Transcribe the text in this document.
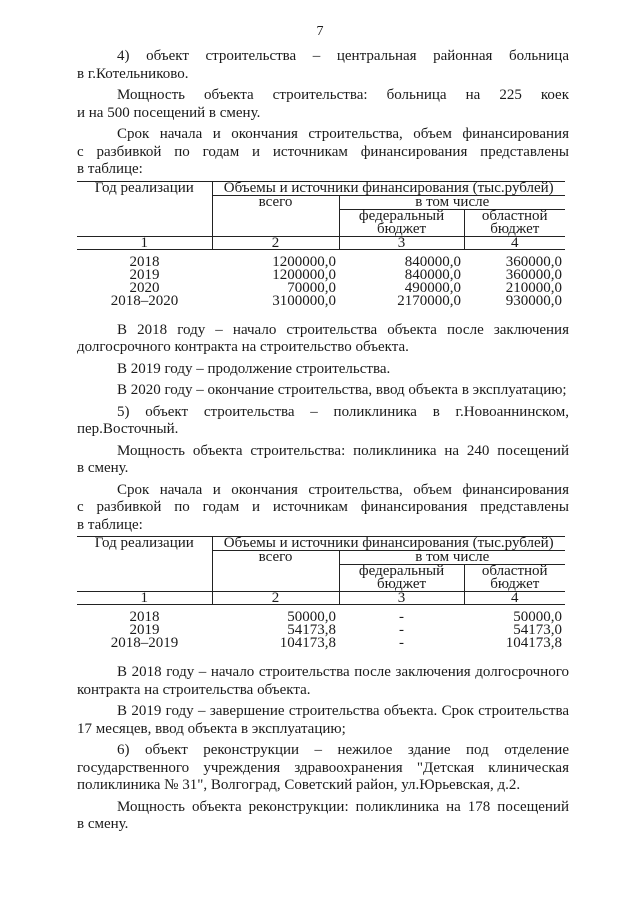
7

4) объект строительства – центральная районная больница

в г.Котельниково.

Мощность объекта строительства: больница на 225 коек

и на 500 посещений в смену.

Срок начала и окончания строительства, объем финансирования

с разбивкой по годам и источникам финансирования представлены

в таблице:

Год реализации	Объемы и источники финансирования (тыс.рублей)		
	всего	в том числе	
		федеральный бюджет	областной бюджет
1	2	3	4

2018	1200000,0	840000,0	360000,0
2019	1200000,0	840000,0	360000,0
2020	70000,0	490000,0	210000,0
2018–2020	3100000,0	2170000,0	930000,0

В 2018 году – начало строительства объекта после заключения

долгосрочного контракта на строительство объекта.

В 2019 году – продолжение строительства.

В 2020 году – окончание строительства, ввод объекта в эксплуатацию;

5) объект строительства – поликлиника в г.Новоаннинском,

пер.Восточный.

Мощность объекта строительства: поликлиника на 240 посещений

в смену.

Срок начала и окончания строительства, объем финансирования

с разбивкой по годам и источникам финансирования представлены

в таблице:

Год реализации	Объемы и источники финансирования (тыс.рублей)		
	всего	в том числе	
		федеральный бюджет	областной бюджет
1	2	3	4

2018	50000,0	-	50000,0
2019	54173,8	-	54173,0
2018–2019	104173,8	-	104173,8

В 2018 году – начало строительства после заключения долгосрочного

контракта на строительства объекта.

В 2019 году – завершение строительства объекта. Срок строительства

17 месяцев, ввод объекта в эксплуатацию;

6) объект реконструкции – нежилое здание под отделение

государственного учреждения здравоохранения "Детская клиническая

поликлиника № 31", Волгоград, Советский район, ул.Юрьевская, д.2.

Мощность объекта реконструкции: поликлиника на 178 посещений

в смену.
